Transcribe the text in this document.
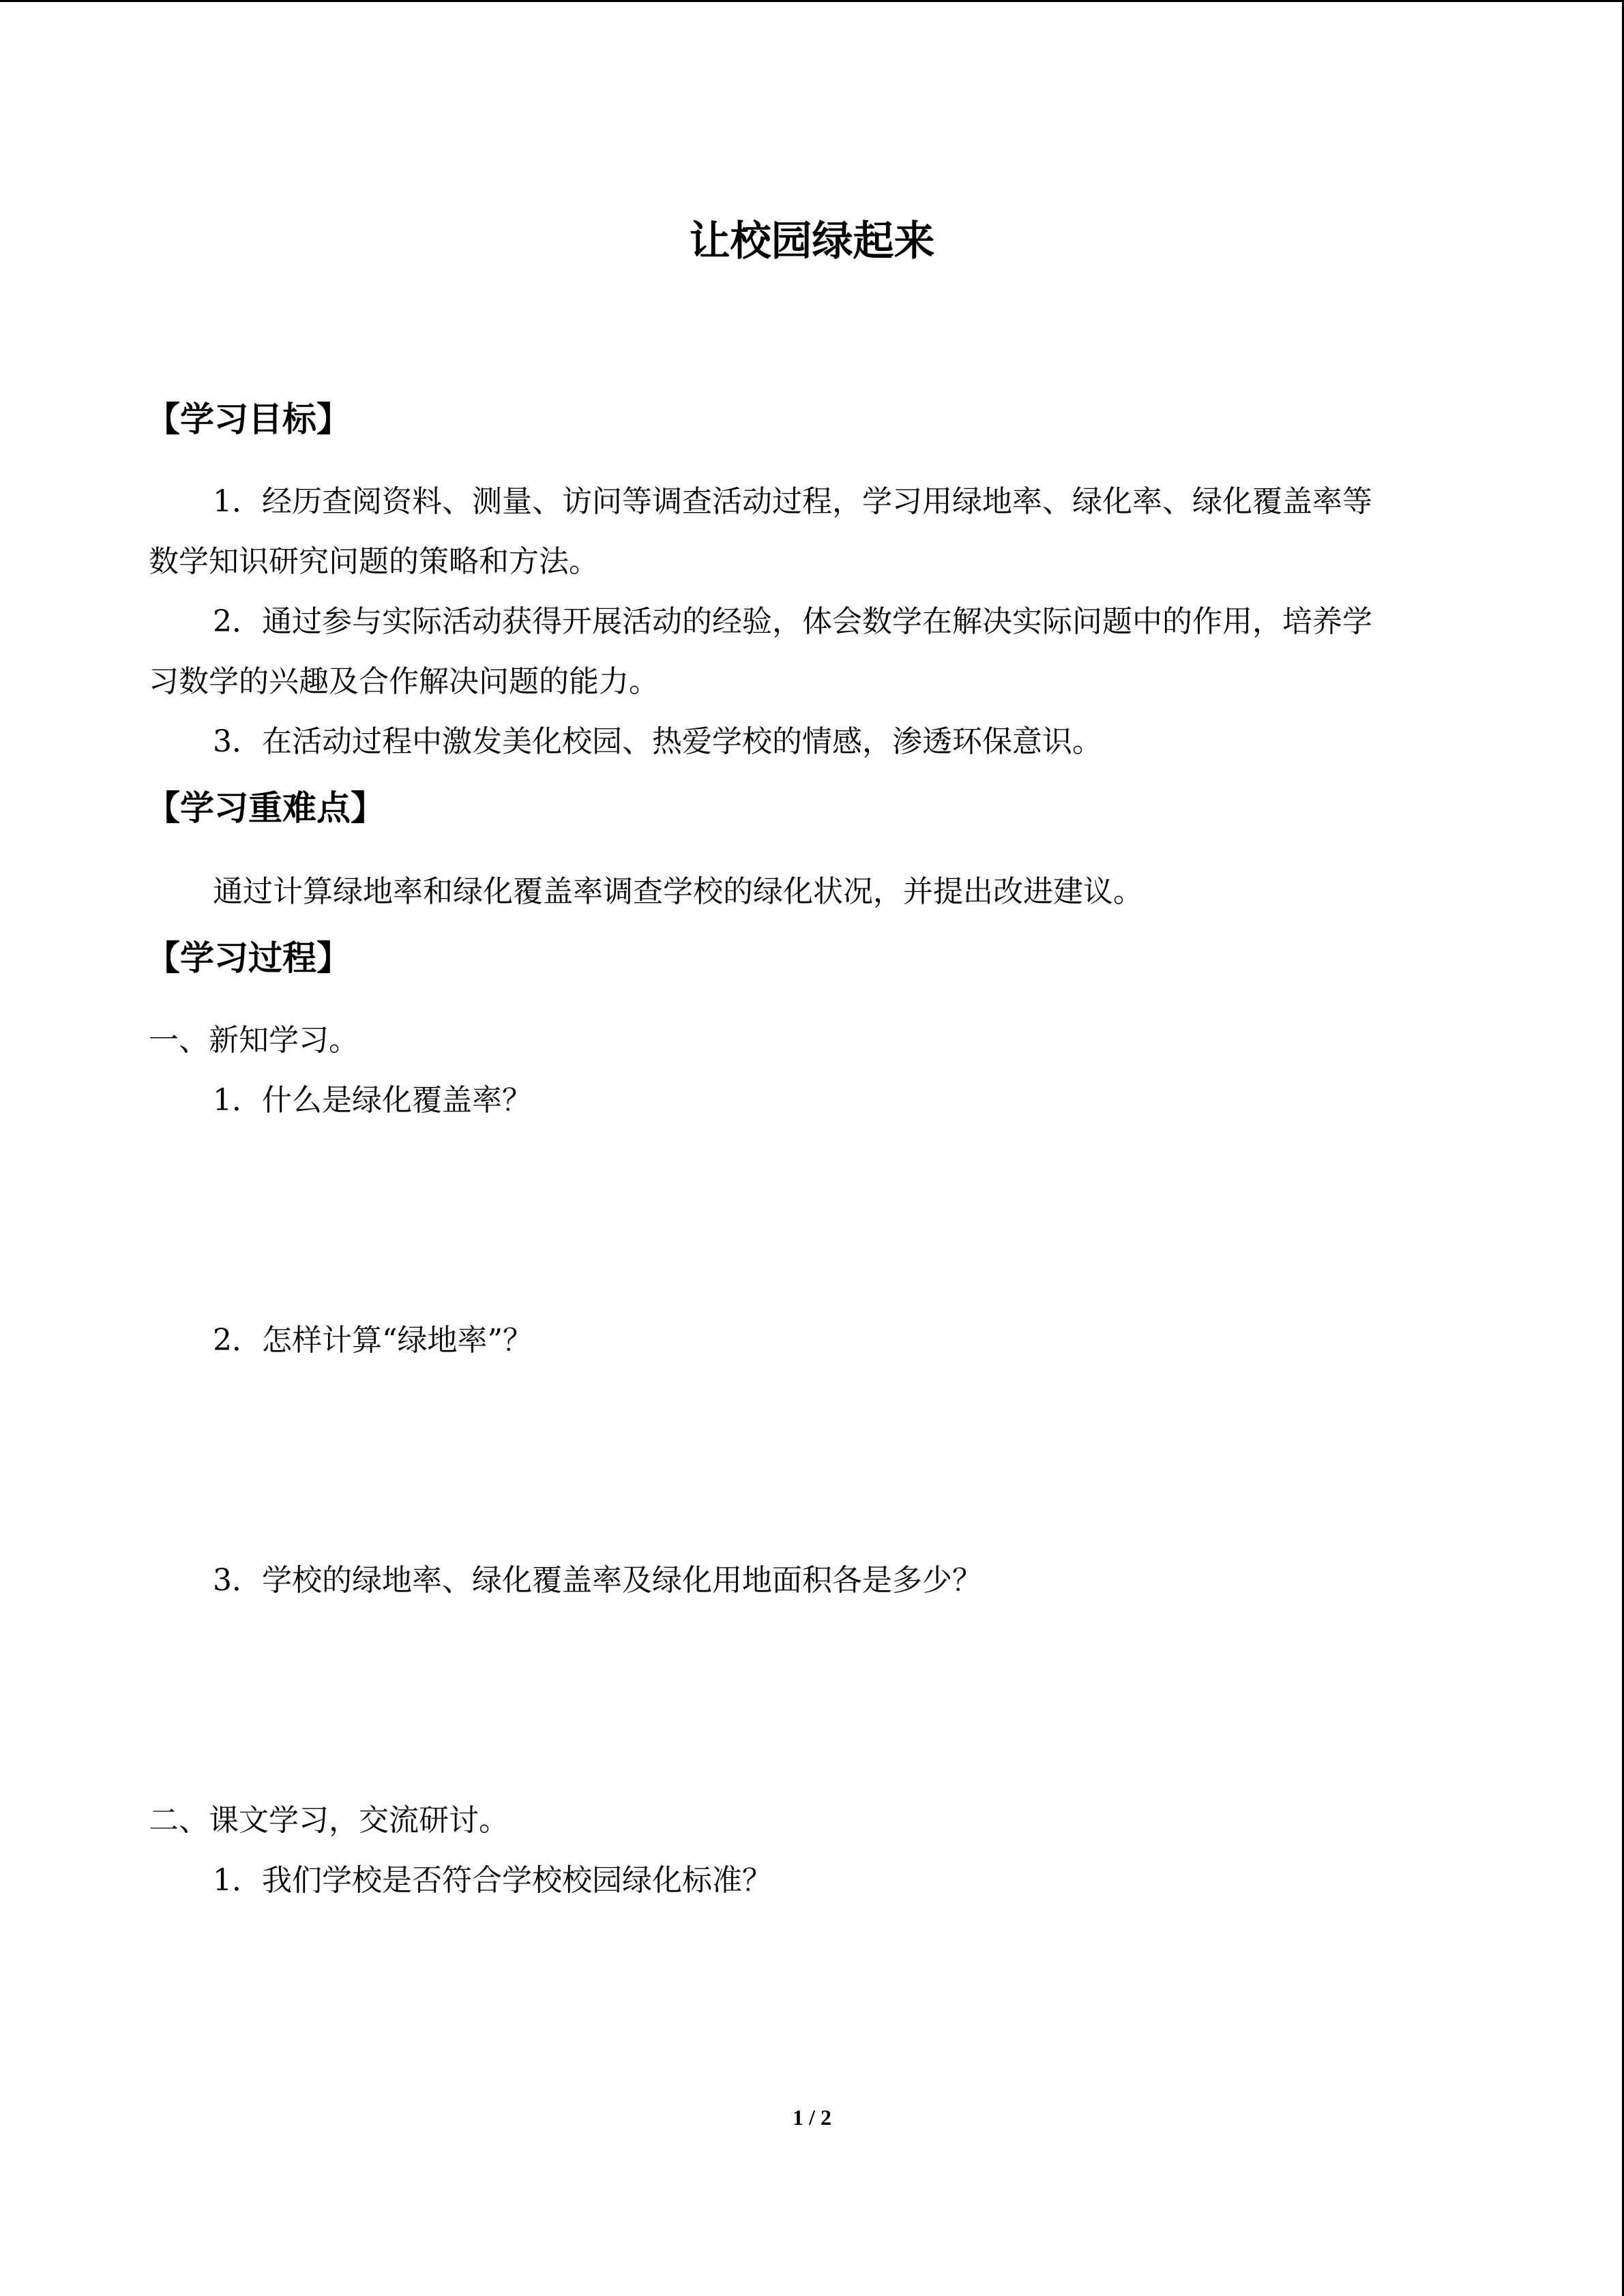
让校园绿起来
【学习目标】
1．经历查阅资料、测量、访问等调查活动过程，学习用绿地率、绿化率、绿化覆盖率等
数学知识研究问题的策略和方法。
2．通过参与实际活动获得开展活动的经验，体会数学在解决实际问题中的作用，培养学
习数学的兴趣及合作解决问题的能力。
3．在活动过程中激发美化校园、热爱学校的情感，渗透环保意识。
【学习重难点】
通过计算绿地率和绿化覆盖率调查学校的绿化状况，并提出改进建议。
【学习过程】
一、新知学习。
1．什么是绿化覆盖率？
2．怎样计算“绿地率”？
3．学校的绿地率、绿化覆盖率及绿化用地面积各是多少？
二、课文学习，交流研讨。
1．我们学校是否符合学校校园绿化标准？
1 / 2
